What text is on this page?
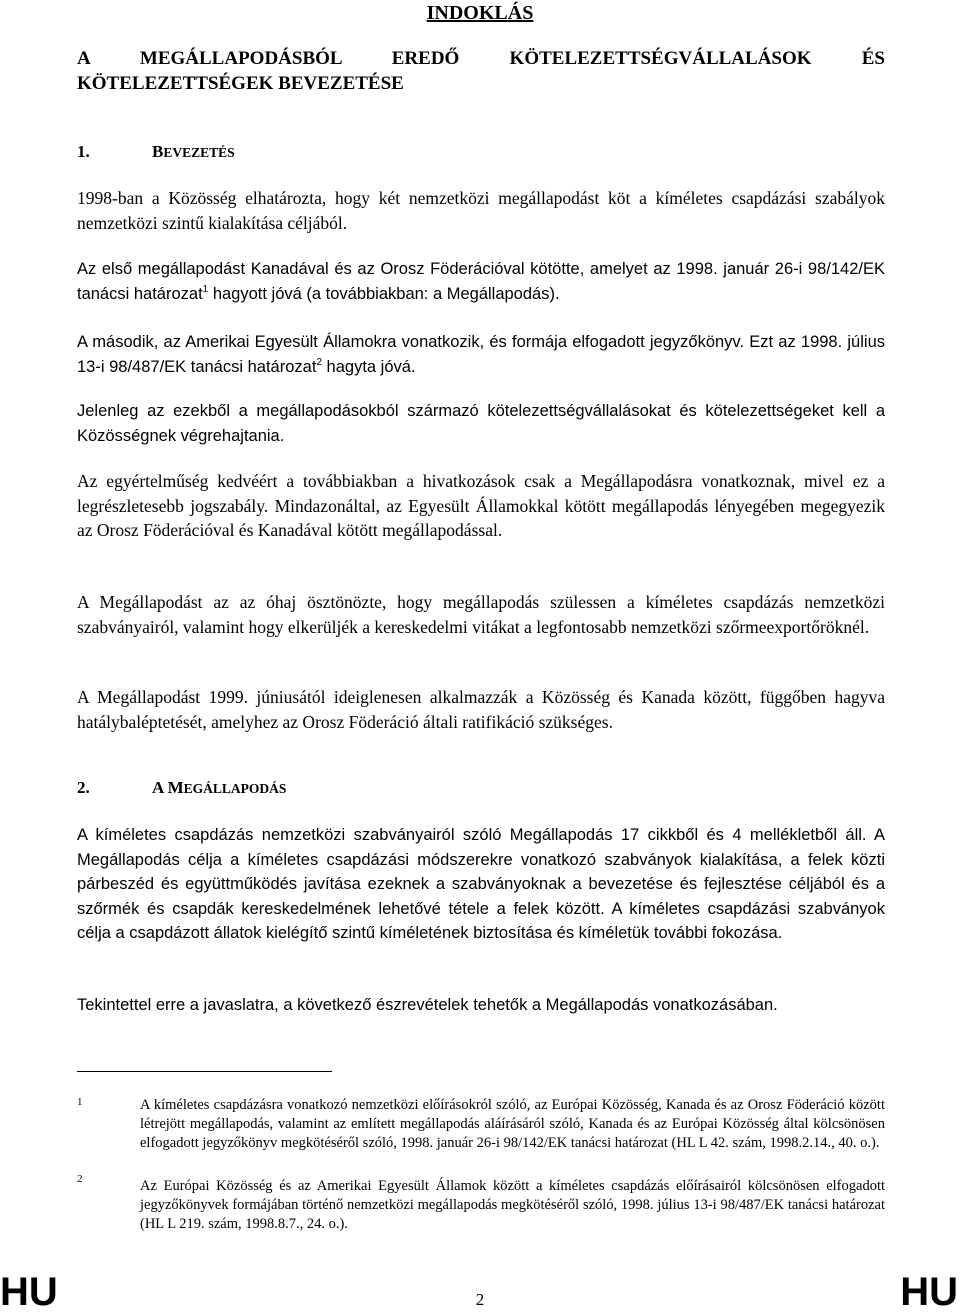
INDOKLÁS
A MEGÁLLAPODÁSBÓL EREDŐ KÖTELEZETTSÉGVÁLLALÁSOK ÉS
KÖTELEZETTSÉGEK BEVEZETÉSE
1.	BEVEZETÉS

1998-ban a Közösség elhatározta, hogy két nemzetközi megállapodást köt a kíméletes csapdázási szabályok nemzetközi szintű kialakítása céljából.

Az első megállapodást Kanadával és az Orosz Föderációval kötötte, amelyet az 1998. január 26-i 98/142/EK tanácsi határozat$^1$ hagyott jóvá (a továbbiakban: a Megállapodás).

A második, az Amerikai Egyesült Államokra vonatkozik, és formája elfogadott jegyzőkönyv. Ezt az 1998. július 13-i 98/487/EK tanácsi határozat$^2$ hagyta jóvá.

Jelenleg az ezekből a megállapodásokból származó kötelezettségvállalásokat és kötelezettségeket kell a Közösségnek végrehajtania.

Az egyértelműség kedvéért a továbbiakban a hivatkozások csak a Megállapodásra vonatkoznak, mivel ez a legrészletesebb jogszabály. Mindazonáltal, az Egyesült Államokkal kötött megállapodás lényegében megegyezik az Orosz Föderációval és Kanadával kötött megállapodással.

A Megállapodást az az óhaj ösztönözte, hogy megállapodás szülessen a kíméletes csapdázás nemzetközi szabványairól, valamint hogy elkerüljék a kereskedelmi vitákat a legfontosabb nemzetközi szőrmeexportőröknél.

A Megállapodást 1999. júniusától ideiglenesen alkalmazzák a Közösség és Kanada között, függőben hagyva hatálybaléptetését, amelyhez az Orosz Föderáció általi ratifikáció szükséges.

2.	A MEGÁLLAPODÁS

A kíméletes csapdázás nemzetközi szabványairól szóló Megállapodás 17 cikkből és 4 mellékletből áll. A Megállapodás célja a kíméletes csapdázási módszerekre vonatkozó szabványok kialakítása, a felek közti párbeszéd és együttműködés javítása ezeknek a szabványoknak a bevezetése és fejlesztése céljából és a szőrmék és csapdák kereskedelmének lehetővé tétele a felek között. A kíméletes csapdázási szabványok célja a csapdázott állatok kielégítő szintű kíméletének biztosítása és kíméletük további fokozása.

Tekintettel erre a javaslatra, a következő észrevételek tehetők a Megállapodás vonatkozásában.

1	A kíméletes csapdázásra vonatkozó nemzetközi előírásokról szóló, az Európai Közösség, Kanada és az Orosz Föderáció között létrejött megállapodás, valamint az említett megállapodás aláírásáról szóló, Kanada és az Európai Közösség által kölcsönösen elfogadott jegyzőkönyv megkötéséről szóló, 1998. január 26-i 98/142/EK tanácsi határozat (HL L 42. szám, 1998.2.14., 40. o.).

2	Az Európai Közösség és az Amerikai Egyesült Államok között a kíméletes csapdázás előírásairól kölcsönösen elfogadott jegyzőkönyvek formájában történő nemzetközi megállapodás megkötéséről szóló, 1998. július 13-i 98/487/EK tanácsi határozat (HL L 219. szám, 1998.8.7., 24. o.).

HU	2	HU
